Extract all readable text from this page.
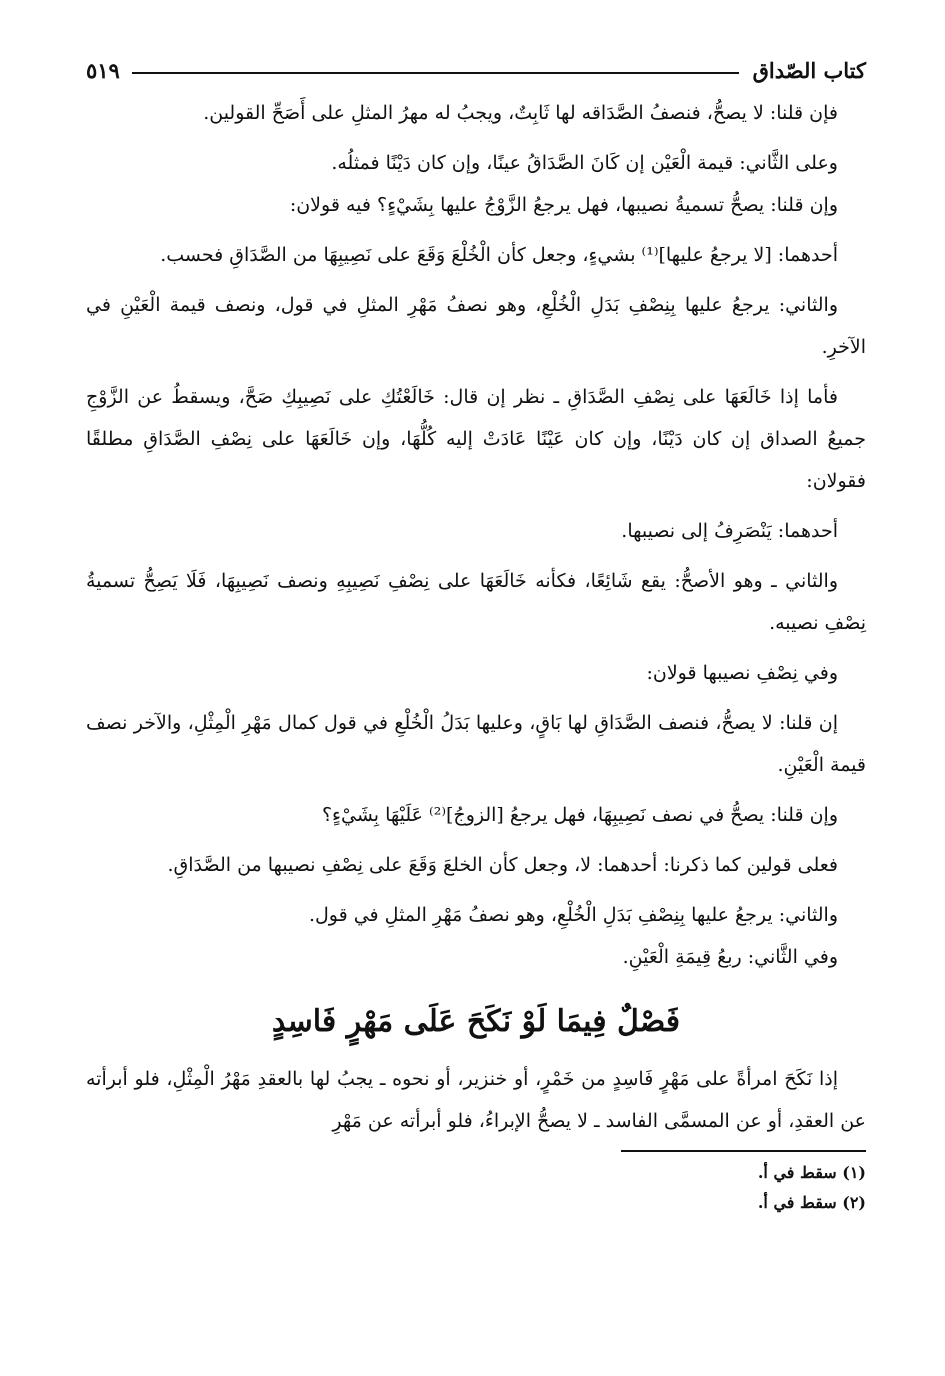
كتاب الصّداق
٥١٩

فإن قلنا: لا يصحُّ، فنصفُ الصَّدَاقه لها ثَابِتٌ، ويجبُ له مهرُ المثلِ على أَصَحِّ القولين.

وعلى الثَّاني: قيمة الْعَيْن إن كَانَ الصَّدَاقُ عينًا، وإن كان دَيْنًا فمثلُه.

وإن قلنا: يصحُّ تسميةُ نصيبها، فهل يرجعُ الزَّوْجُ عليها بِشَيْءٍ؟ فيه قولان:

أحدهما: [لا يرجعُ عليها]⁽¹⁾ بشيءٍ، وجعل كأن الْخُلْعَ وَقَعَ على نَصِيبِهَا من الصَّدَاقِ فحسب.

والثاني: يرجعُ عليها بِنِصْفِ بَدَلِ الْخُلْعِ، وهو نصفُ مَهْرِ المثلِ في قول، ونصف قيمة الْعَيْنِ في الآخرِ.

فأما إذا خَالَعَهَا على نِصْفِ الصَّدَاقِ ـ نظر إن قال: خَالَعْتُكِ على نَصِيبِكِ صَحَّ، ويسقطُ عن الزَّوْجِ جميعُ الصداق إن كان دَيْنًا، وإن كان عَيْنًا عَادَتْ إليه كُلُّهَا، وإن خَالَعَهَا على نِصْفِ الصَّدَاقِ مطلقًا فقولان:

أحدهما: يَنْصَرِفُ إلى نصيبها.

والثاني ـ وهو الأصحُّ: يقع شَائِعًا، فكأنه خَالَعَهَا على نِصْفِ نَصِيبِهِ ونصف نَصِيبِهَا، فَلَا يَصِحُّ تسميةُ نِصْفِ نصيبه.

وفي نِصْفِ نصيبها قولان:

إن قلنا: لا يصحُّ، فنصف الصَّدَاقِ لها بَاقٍ، وعليها بَدَلُ الْخُلْعِ في قول كمال مَهْرِ الْمِثْلِ، والآخر نصف قيمة الْعَيْنِ.

وإن قلنا: يصحُّ في نصف نَصِيبِهَا، فهل يرجعُ [الزوجُ]⁽²⁾ عَلَيْهَا بِشَيْءٍ؟

فعلى قولين كما ذكرنا: أحدهما: لا، وجعل كأن الخلعَ وَقَعَ على نِصْفِ نصيبها من الصَّدَاقِ.

والثاني: يرجعُ عليها بِنِصْفِ بَدَلِ الْخُلْعِ، وهو نصفُ مَهْرِ المثلِ في قول.

وفي الثَّاني: ربعُ قِيمَةِ الْعَيْنِ.

فَصْلٌ فِيمَا لَوْ نَكَحَ عَلَى مَهْرٍ فَاسِدٍ

إذا نَكَحَ امرأةً على مَهْرٍ فَاسِدٍ من خَمْرٍ، أو خنزير، أو نحوه ـ يجبُ لها بالعقدِ مَهْرُ الْمِثْلِ، فلو أبرأته عن العقدِ، أو عن المسمَّى الفاسد ـ لا يصحُّ الإبراءُ، فلو أبرأته عن مَهْرِ

(١) سقط في أ.
(٢) سقط في أ.
